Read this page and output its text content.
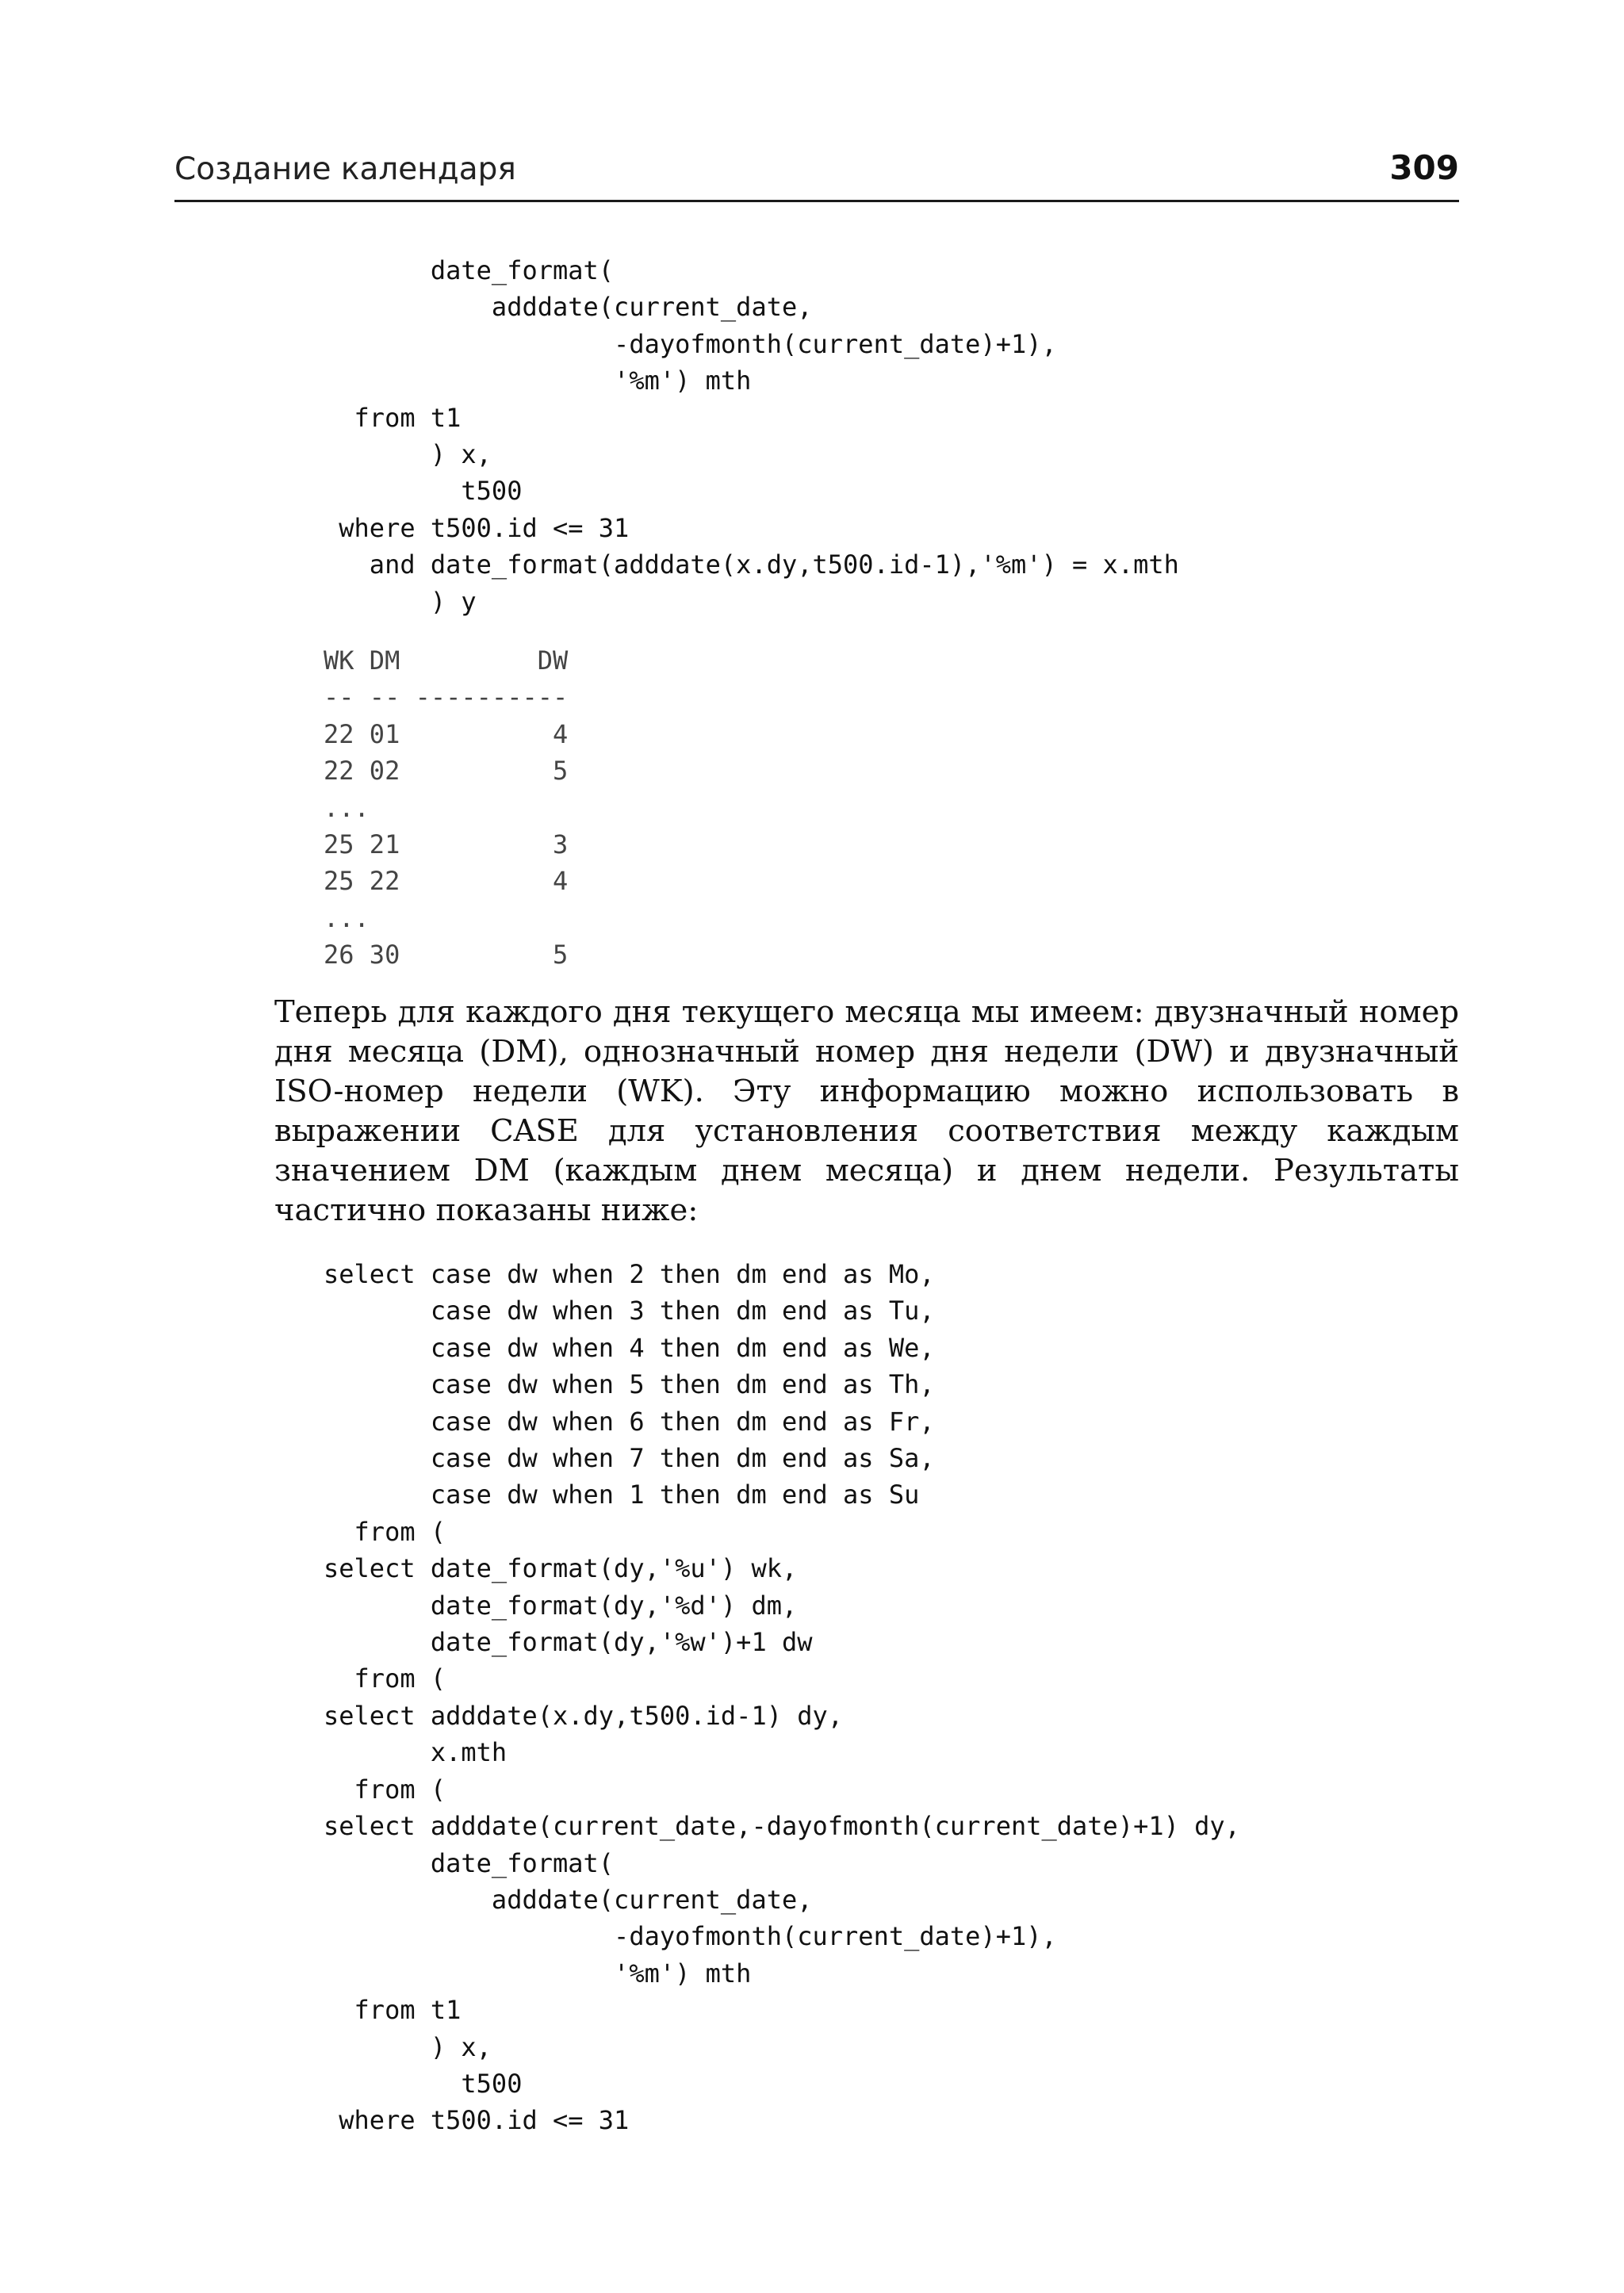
Создание календаря	309
date_format(
adddate(current_date,
-dayofmonth(current_date)+1),
'%m') mth
from t1
) x,
t500
where t500.id <= 31
and date_format(adddate(x.dy,t500.id-1),'%m') = x.mth
) y
WK DM         DW
-- -- ----------
22 01          4
22 02          5
...
25 21          3
25 22          4
...
26 30          5

Теперь для каждого дня текущего месяца мы имеем: двузначный номер дня месяца (DM), однозначный номер дня недели (DW) и двузначный ISO-номер недели (WK). Эту информацию можно использовать в выражении CASE для установления соответствия между каждым значением DM (каждым днем месяца) и днем недели. Результаты частично показаны ниже:

select case dw when 2 then dm end as Mo,
case dw when 3 then dm end as Tu,
case dw when 4 then dm end as We,
case dw when 5 then dm end as Th,
case dw when 6 then dm end as Fr,
case dw when 7 then dm end as Sa,
case dw when 1 then dm end as Su
from (
select date_format(dy,'%u') wk,
date_format(dy,'%d') dm,
date_format(dy,'%w')+1 dw
from (
select adddate(x.dy,t500.id-1) dy,
x.mth
from (
select adddate(current_date,-dayofmonth(current_date)+1) dy,
date_format(
adddate(current_date,
-dayofmonth(current_date)+1),
'%m') mth
from t1
) x,
t500
where t500.id <= 31
